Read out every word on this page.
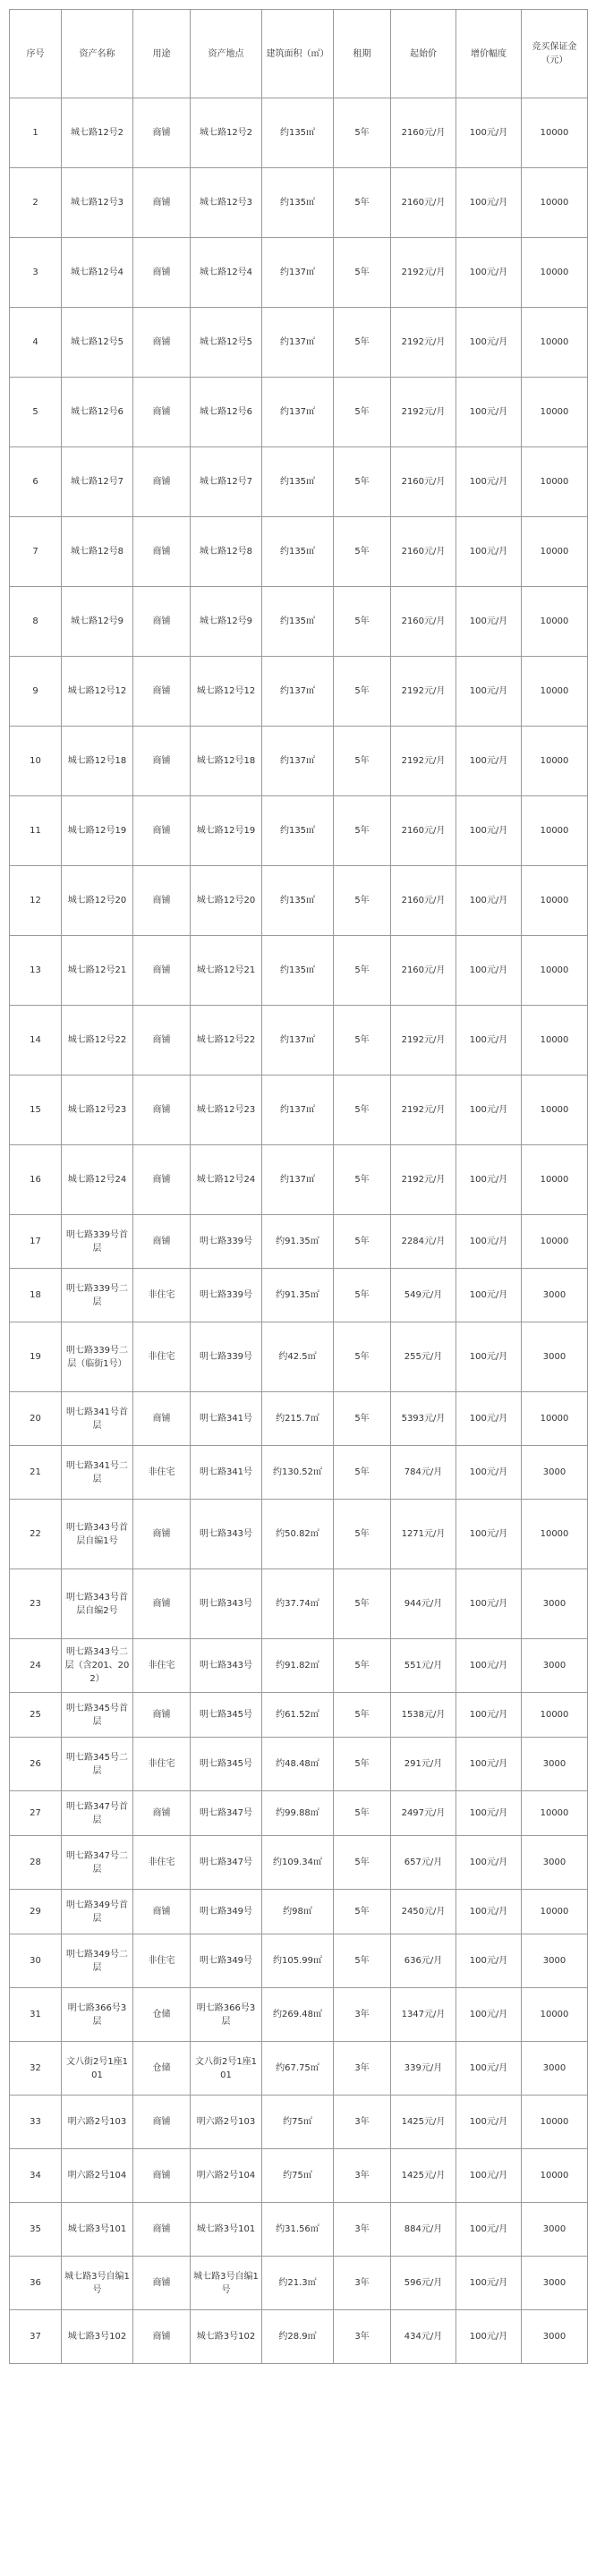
序号	资产名称	用途	资产地点	建筑面积（㎡）	租期	起始价	增价幅度	竞买保证金（元）
1	城七路12号2	商铺	城七路12号2	约135㎡	5年	2160元/月	100元/月	10000
2	城七路12号3	商铺	城七路12号3	约135㎡	5年	2160元/月	100元/月	10000
3	城七路12号4	商铺	城七路12号4	约137㎡	5年	2192元/月	100元/月	10000
4	城七路12号5	商铺	城七路12号5	约137㎡	5年	2192元/月	100元/月	10000
5	城七路12号6	商铺	城七路12号6	约137㎡	5年	2192元/月	100元/月	10000
6	城七路12号7	商铺	城七路12号7	约135㎡	5年	2160元/月	100元/月	10000
7	城七路12号8	商铺	城七路12号8	约135㎡	5年	2160元/月	100元/月	10000
8	城七路12号9	商铺	城七路12号9	约135㎡	5年	2160元/月	100元/月	10000
9	城七路12号12	商铺	城七路12号12	约137㎡	5年	2192元/月	100元/月	10000
10	城七路12号18	商铺	城七路12号18	约137㎡	5年	2192元/月	100元/月	10000
11	城七路12号19	商铺	城七路12号19	约135㎡	5年	2160元/月	100元/月	10000
12	城七路12号20	商铺	城七路12号20	约135㎡	5年	2160元/月	100元/月	10000
13	城七路12号21	商铺	城七路12号21	约135㎡	5年	2160元/月	100元/月	10000
14	城七路12号22	商铺	城七路12号22	约137㎡	5年	2192元/月	100元/月	10000
15	城七路12号23	商铺	城七路12号23	约137㎡	5年	2192元/月	100元/月	10000
16	城七路12号24	商铺	城七路12号24	约137㎡	5年	2192元/月	100元/月	10000
17	明七路339号首层	商铺	明七路339号	约91.35㎡	5年	2284元/月	100元/月	10000
18	明七路339号二层	非住宅	明七路339号	约91.35㎡	5年	549元/月	100元/月	3000
19	明七路339号二层（临街1号）	非住宅	明七路339号	约42.5㎡	5年	255元/月	100元/月	3000
20	明七路341号首层	商铺	明七路341号	约215.7㎡	5年	5393元/月	100元/月	10000
21	明七路341号二层	非住宅	明七路341号	约130.52㎡	5年	784元/月	100元/月	3000
22	明七路343号首层自编1号	商铺	明七路343号	约50.82㎡	5年	1271元/月	100元/月	10000
23	明七路343号首层自编2号	商铺	明七路343号	约37.74㎡	5年	944元/月	100元/月	3000
24	明七路343号二层（含201、202）	非住宅	明七路343号	约91.82㎡	5年	551元/月	100元/月	3000
25	明七路345号首层	商铺	明七路345号	约61.52㎡	5年	1538元/月	100元/月	10000
26	明七路345号二层	非住宅	明七路345号	约48.48㎡	5年	291元/月	100元/月	3000
27	明七路347号首层	商铺	明七路347号	约99.88㎡	5年	2497元/月	100元/月	10000
28	明七路347号二层	非住宅	明七路347号	约109.34㎡	5年	657元/月	100元/月	3000
29	明七路349号首层	商铺	明七路349号	约98㎡	5年	2450元/月	100元/月	10000
30	明七路349号二层	非住宅	明七路349号	约105.99㎡	5年	636元/月	100元/月	3000
31	明七路366号3层	仓储	明七路366号3层	约269.48㎡	3年	1347元/月	100元/月	10000
32	文八街2号1座101	仓储	文八街2号1座101	约67.75㎡	3年	339元/月	100元/月	3000
33	明六路2号103	商铺	明六路2号103	约75㎡	3年	1425元/月	100元/月	10000
34	明六路2号104	商铺	明六路2号104	约75㎡	3年	1425元/月	100元/月	10000
35	城七路3号101	商铺	城七路3号101	约31.56㎡	3年	884元/月	100元/月	3000
36	城七路3号自编1号	商铺	城七路3号自编1号	约21.3㎡	3年	596元/月	100元/月	3000
37	城七路3号102	商铺	城七路3号102	约28.9㎡	3年	434元/月	100元/月	3000
